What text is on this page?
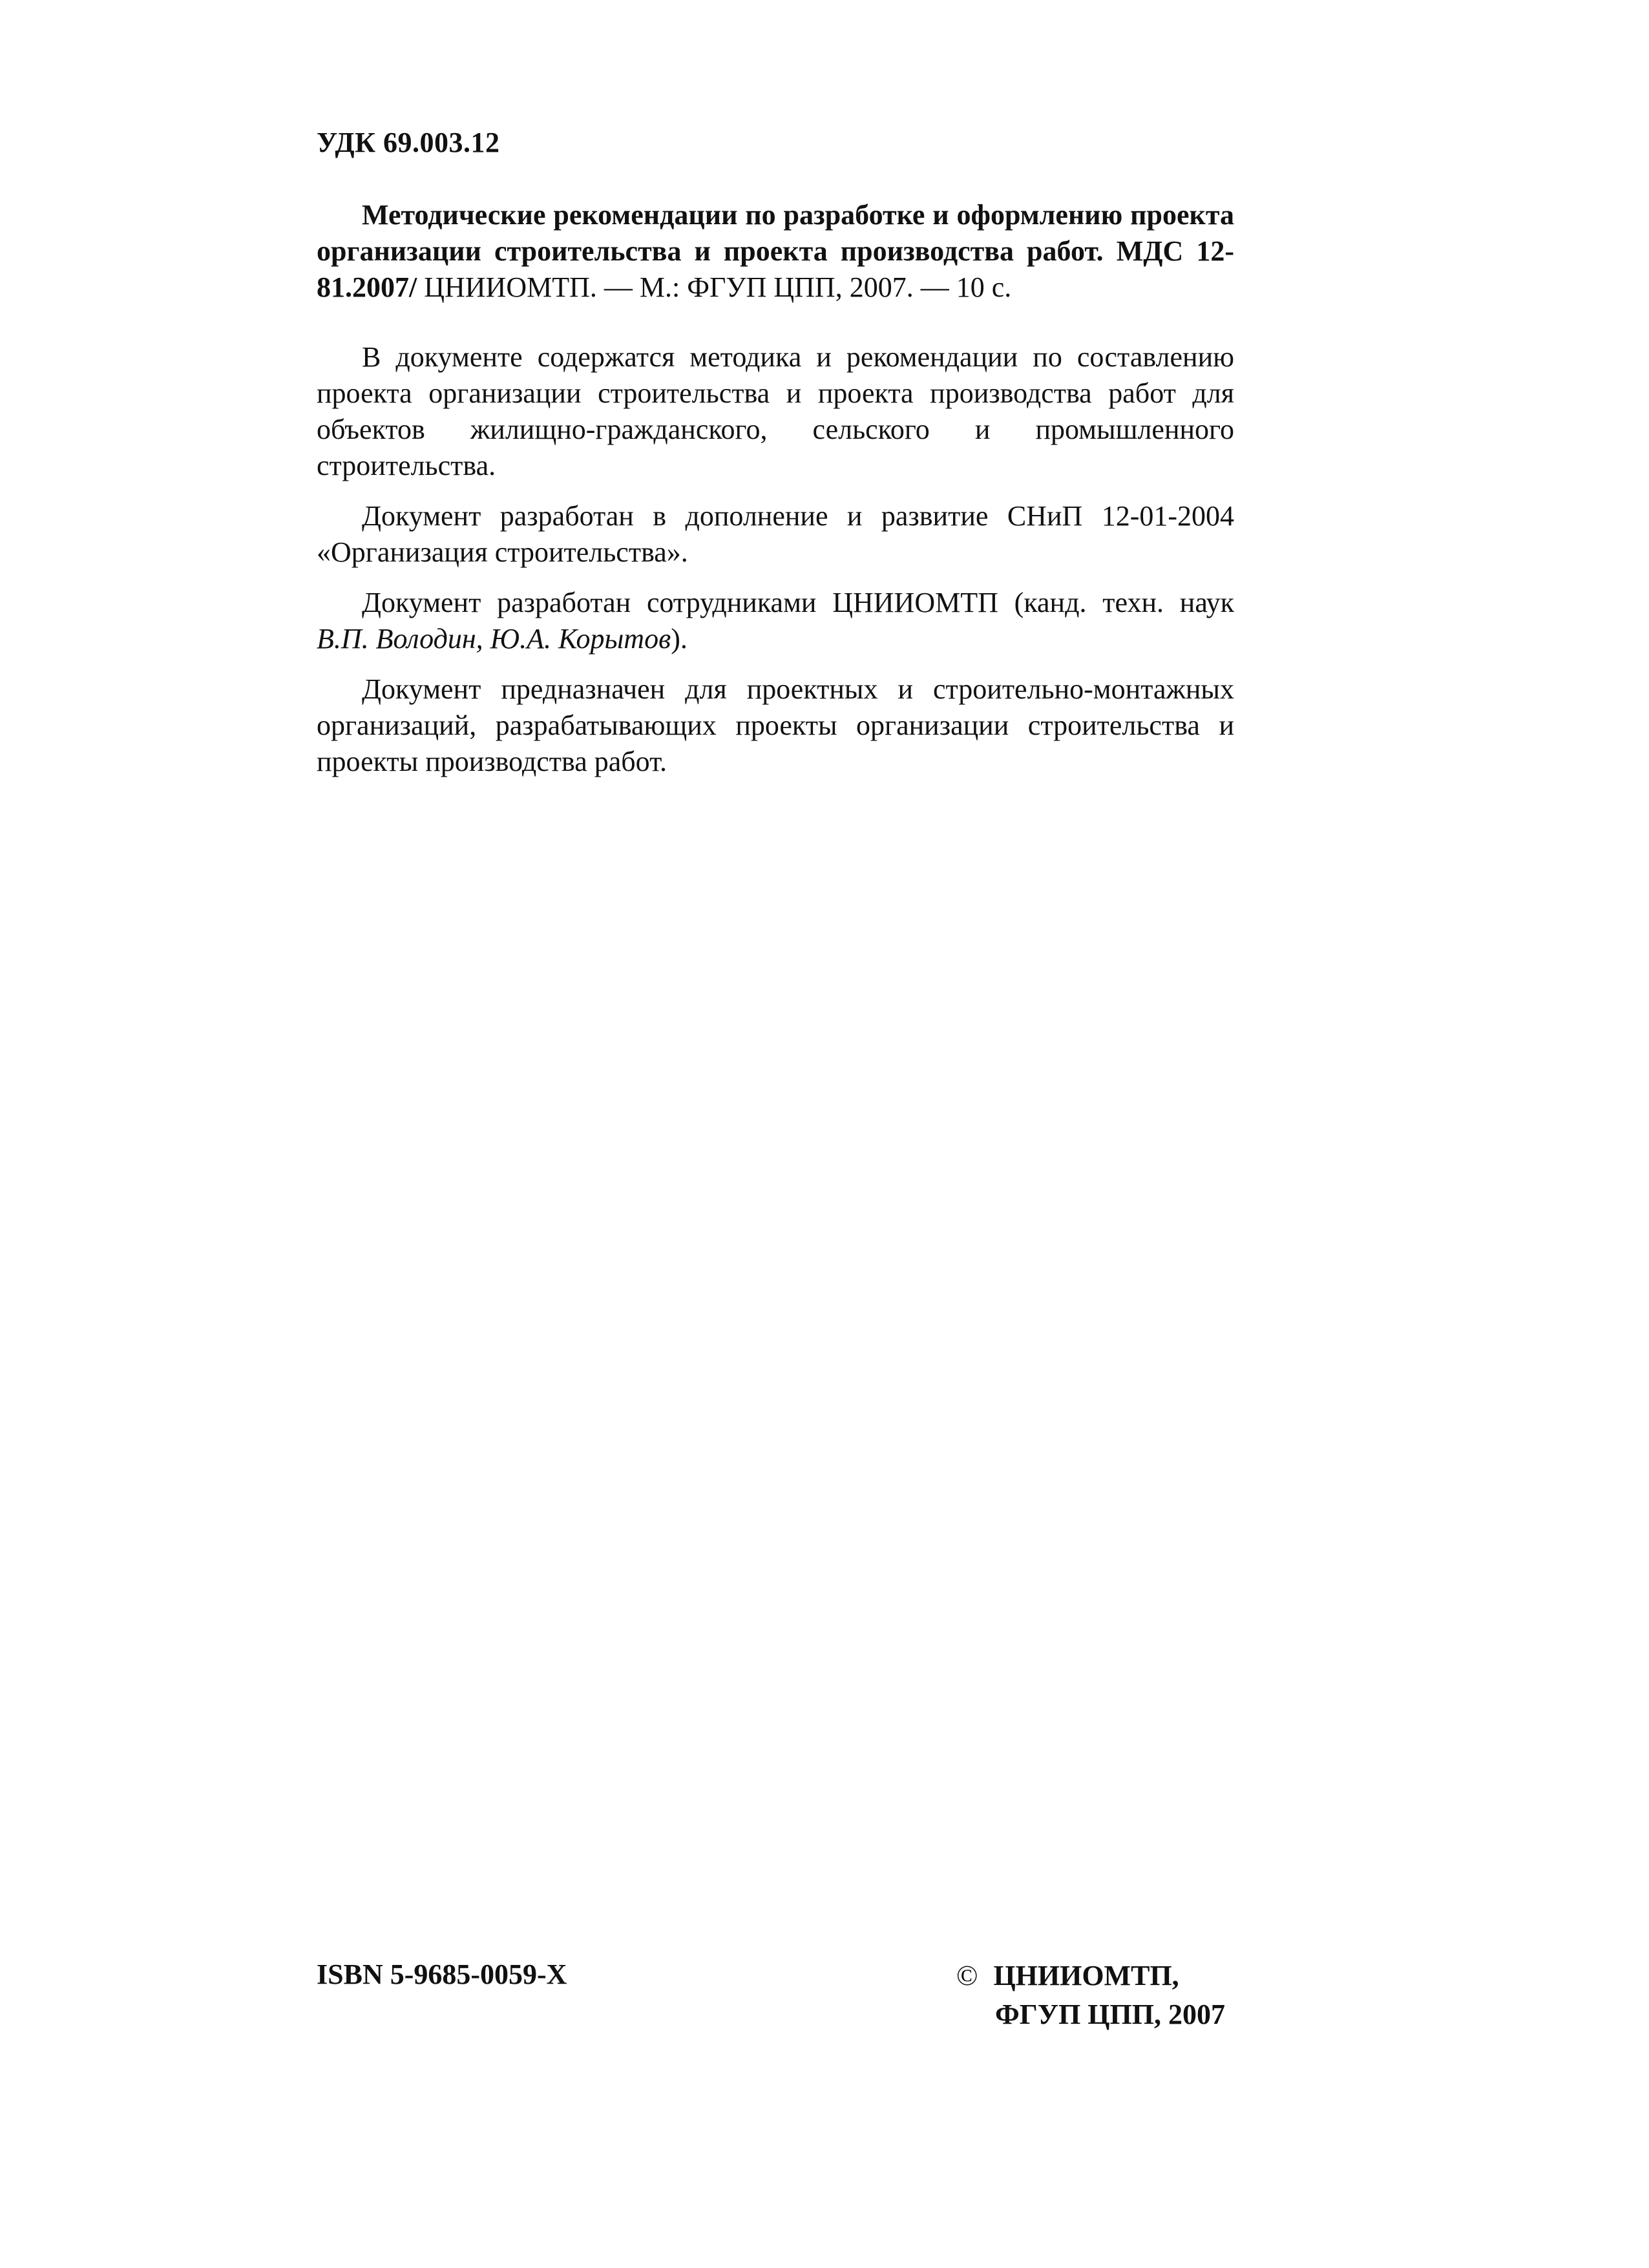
УДК 69.003.12
Методические рекомендации по разработке и оформлению проекта организации строительства и проекта производства работ. МДС 12-81.2007/ ЦНИИОМТП. — М.: ФГУП ЦПП, 2007. — 10 с.

В документе содержатся методика и рекомендации по составлению проекта организации строительства и проекта производства работ для объектов жилищно-гражданского, сельского и промышленного строительства.

Документ разработан в дополнение и развитие СНиП 12-01-2004 «Организация строительства».

Документ разработан сотрудниками ЦНИИОМТП (канд. техн. наук В.П. Володин, Ю.А. Корытов).

Документ предназначен для проектных и строительно-монтажных организаций, разрабатывающих проекты организации строительства и проекты производства работ.

ISBN 5-9685-0059-X	© ЦНИИОМТП,
ФГУП ЦПП, 2007
